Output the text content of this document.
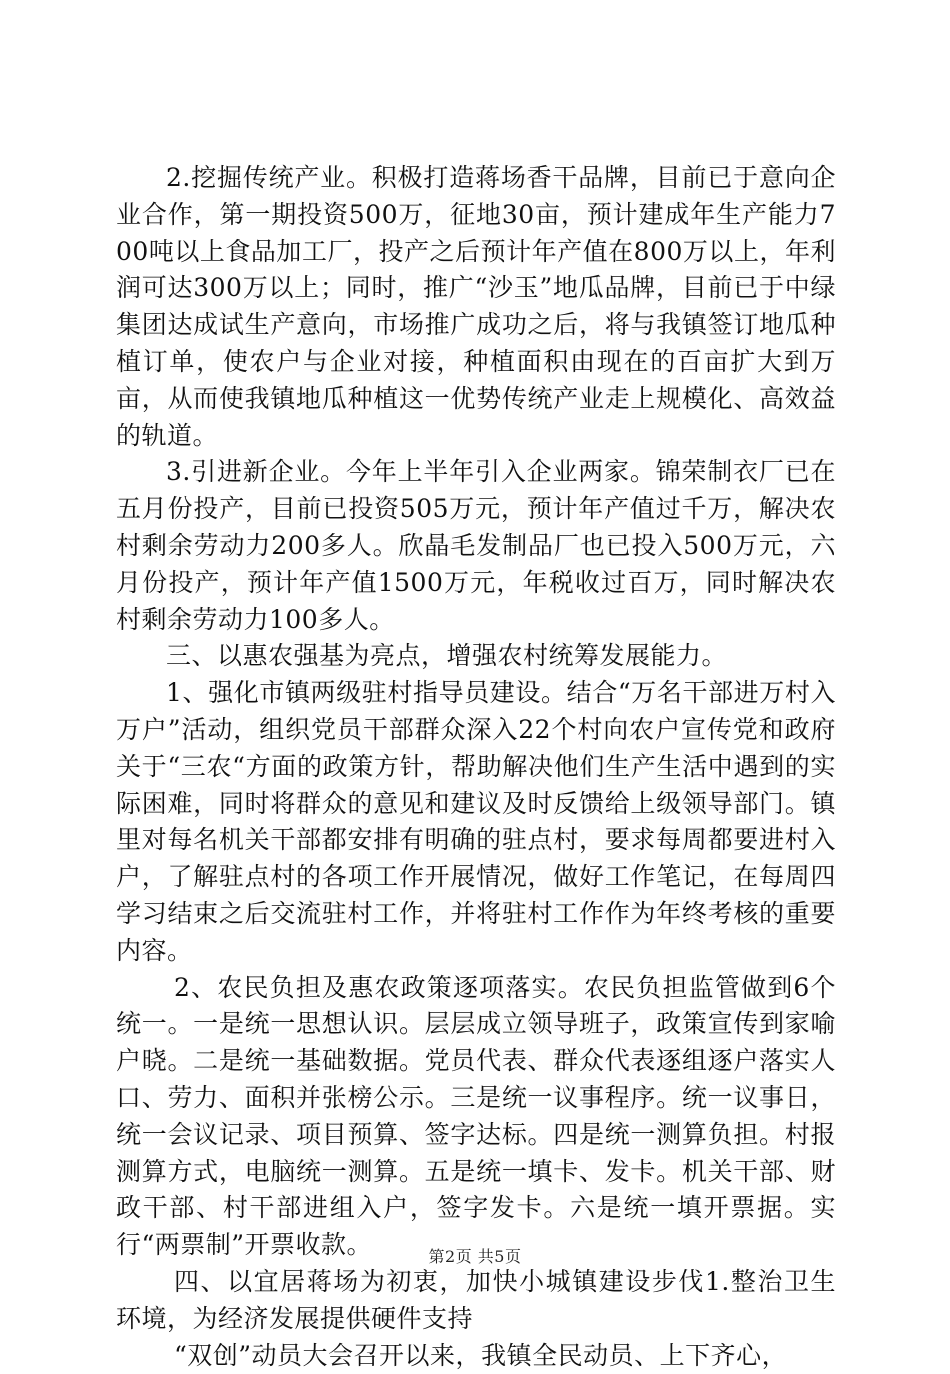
2.挖掘传统产业。积极打造蒋场香干品牌，目前已于意向企业合作，第一期投资500万，征地30亩，预计建成年生产能力700吨以上食品加工厂，投产之后预计年产值在800万以上，年利润可达300万以上；同时，推广“沙玉”地瓜品牌，目前已于中绿集团达成试生产意向，市场推广成功之后，将与我镇签订地瓜种植订单，使农户与企业对接，种植面积由现在的百亩扩大到万亩，从而使我镇地瓜种植这一优势传统产业走上规模化、高效益的轨道。

3.引进新企业。今年上半年引入企业两家。锦荣制衣厂已在五月份投产，目前已投资505万元，预计年产值过千万，解决农村剩余劳动力200多人。欣晶毛发制品厂也已投入500万元，六月份投产，预计年产值1500万元，年税收过百万，同时解决农村剩余劳动力100多人。

三、以惠农强基为亮点，增强农村统筹发展能力。

1、强化市镇两级驻村指导员建设。结合“万名干部进万村入万户”活动，组织党员干部群众深入22个村向农户宣传党和政府关于“三农“方面的政策方针，帮助解决他们生产生活中遇到的实际困难，同时将群众的意见和建议及时反馈给上级领导部门。镇里对每名机关干部都安排有明确的驻点村，要求每周都要进村入户，了解驻点村的各项工作开展情况，做好工作笔记，在每周四学习结束之后交流驻村工作，并将驻村工作作为年终考核的重要内容。

2、农民负担及惠农政策逐项落实。农民负担监管做到6个统一。一是统一思想认识。层层成立领导班子，政策宣传到家喻户晓。二是统一基础数据。党员代表、群众代表逐组逐户落实人口、劳力、面积并张榜公示。三是统一议事程序。统一议事日，统一会议记录、项目预算、签字达标。四是统一测算负担。村报测算方式，电脑统一测算。五是统一填卡、发卡。机关干部、财政干部、村干部进组入户，签字发卡。六是统一填开票据。实行“两票制”开票收款。

四、以宜居蒋场为初衷，加快小城镇建设步伐1.整治卫生环境，为经济发展提供硬件支持

“双创”动员大会召开以来，我镇全民动员、上下齐心，

第2页 共5页
